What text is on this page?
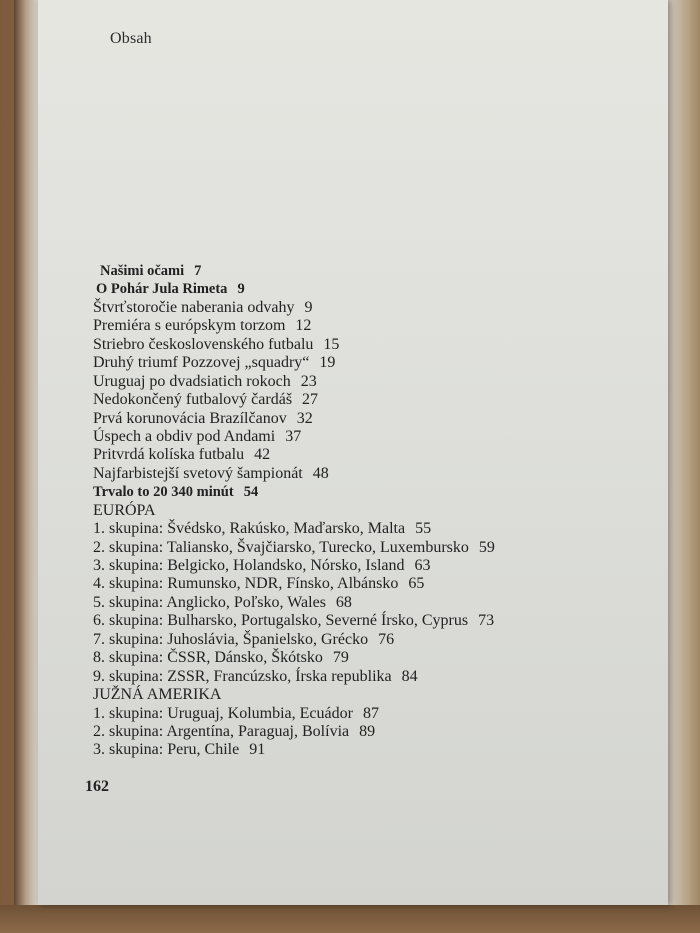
Obsah
Našimi očami 7
O Pohár Jula Rimeta 9
Štvrťstoročie naberania odvahy 9
Premiéra s európskym torzom 12
Striebro československého futbalu 15
Druhý triumf Pozzovej „squadry“ 19
Uruguaj po dvadsiatich rokoch 23
Nedokončený futbalový čardáš 27
Prvá korunovácia Brazílčanov 32
Úspech a obdiv pod Andami 37
Pritvrdá kolíska futbalu 42
Najfarbistejší svetový šampionát 48
Trvalo to 20 340 minút 54
EURÓPA
1. skupina: Švédsko, Rakúsko, Maďarsko, Malta 55
2. skupina: Taliansko, Švajčiarsko, Turecko, Luxembursko 59
3. skupina: Belgicko, Holandsko, Nórsko, Island 63
4. skupina: Rumunsko, NDR, Fínsko, Albánsko 65
5. skupina: Anglicko, Poľsko, Wales 68
6. skupina: Bulharsko, Portugalsko, Severné Írsko, Cyprus 73
7. skupina: Juhoslávia, Španielsko, Grécko 76
8. skupina: ČSSR, Dánsko, Škótsko 79
9. skupina: ZSSR, Francúzsko, Írska republika 84
JUŽNÁ AMERIKA
1. skupina: Uruguaj, Kolumbia, Ecuádor 87
2. skupina: Argentína, Paraguaj, Bolívia 89
3. skupina: Peru, Chile 91
162
